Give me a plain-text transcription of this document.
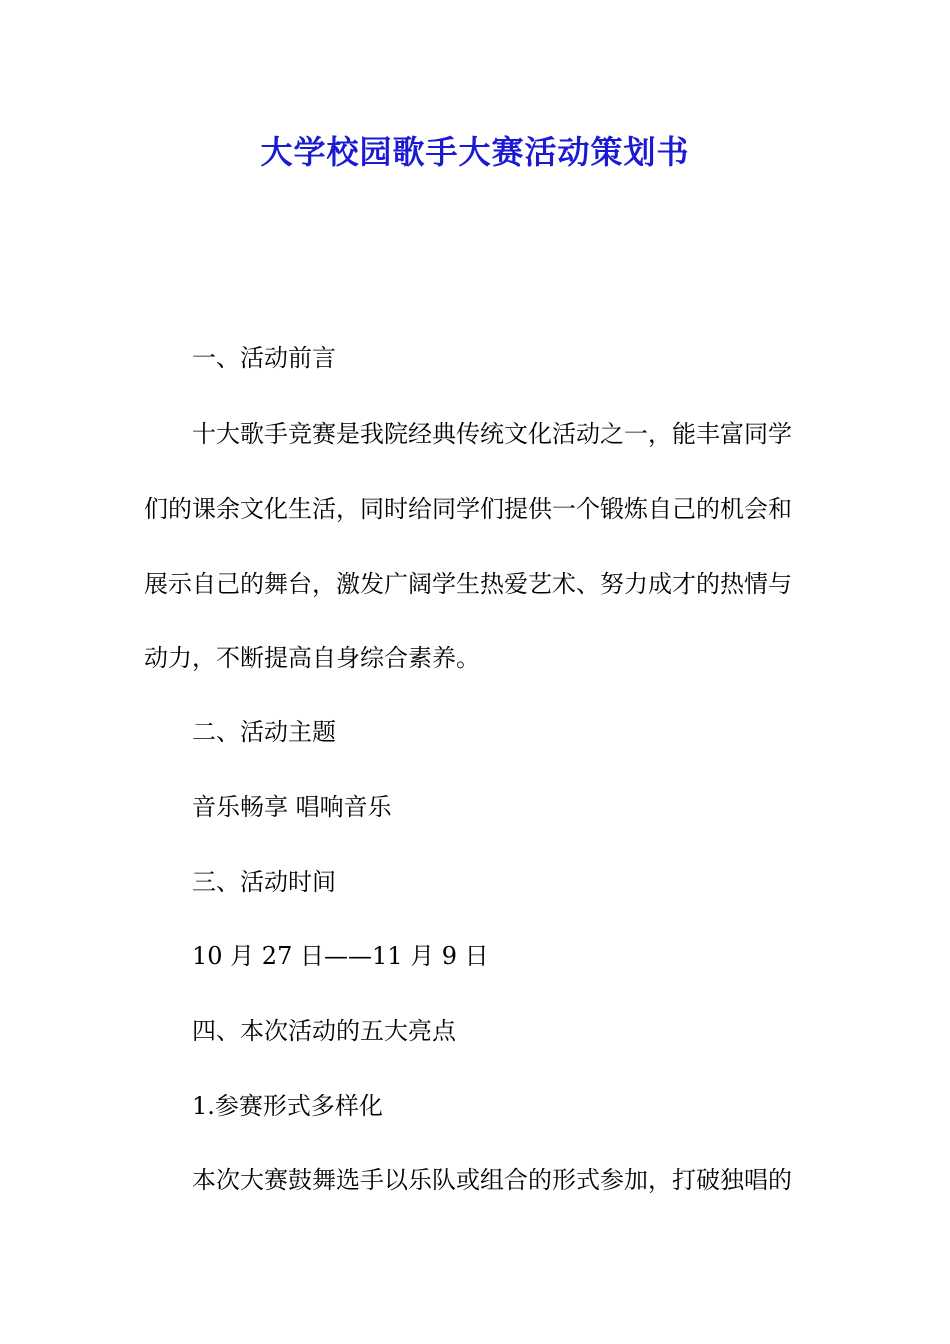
大学校园歌手大赛活动策划书

一、活动前言

十大歌手竞赛是我院经典传统文化活动之一，能丰富同学

们的课余文化生活，同时给同学们提供一个锻炼自己的机会和

展示自己的舞台，激发广阔学生热爱艺术、努力成才的热情与

动力，不断提高自身综合素养。

二、活动主题

音乐畅享 唱响音乐

三、活动时间

10 月 27 日——11 月 9 日

四、本次活动的五大亮点

1.参赛形式多样化

本次大赛鼓舞选手以乐队或组合的形式参加，打破独唱的
